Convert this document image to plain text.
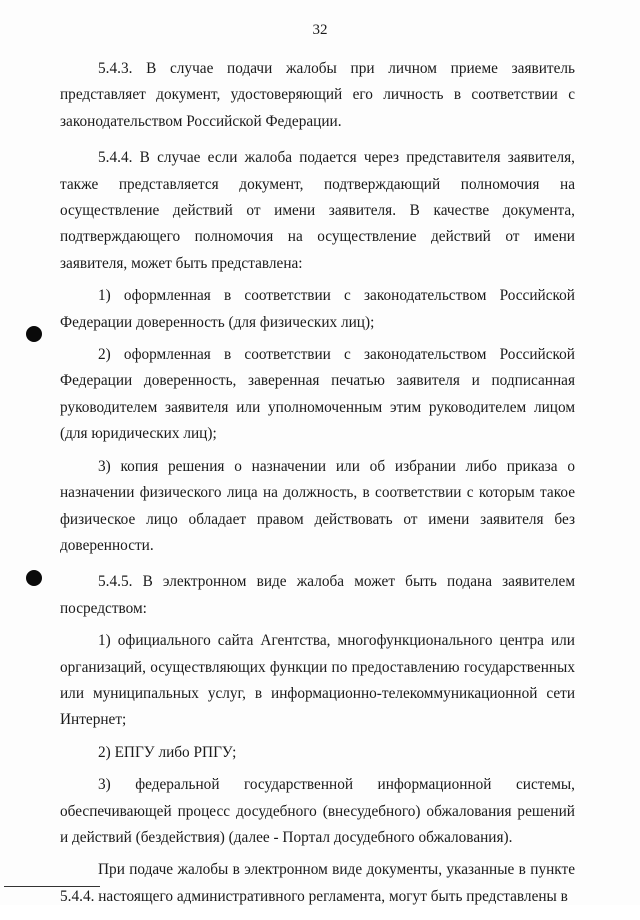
32

5.4.3. В случае подачи жалобы при личном приеме заявитель представляет документ, удостоверяющий его личность в соответствии с законодательством Российской Федерации.

5.4.4. В случае если жалоба подается через представителя заявителя, также представляется документ, подтверждающий полномочия на осуществление действий от имени заявителя. В качестве документа, подтверждающего полномочия на осуществление действий от имени заявителя, может быть представлена:

1) оформленная в соответствии с законодательством Российской Федерации доверенность (для физических лиц);

2) оформленная в соответствии с законодательством Российской Федерации доверенность, заверенная печатью заявителя и подписанная руководителем заявителя или уполномоченным этим руководителем лицом (для юридических лиц);

3) копия решения о назначении или об избрании либо приказа о назначении физического лица на должность, в соответствии с которым такое физическое лицо обладает правом действовать от имени заявителя без доверенности.

5.4.5. В электронном виде жалоба может быть подана заявителем посредством:

1) официального сайта Агентства, многофункционального центра или организаций, осуществляющих функции по предоставлению государственных или муниципальных услуг, в информационно-телекоммуникационной сети Интернет;

2) ЕПГУ либо РПГУ;

3) федеральной государственной информационной системы, обеспечивающей процесс досудебного (внесудебного) обжалования решений и действий (бездействия) (далее - Портал досудебного обжалования).

При подаче жалобы в электронном виде документы, указанные в пункте 5.4.4. настоящего административного регламента, могут быть представлены в
